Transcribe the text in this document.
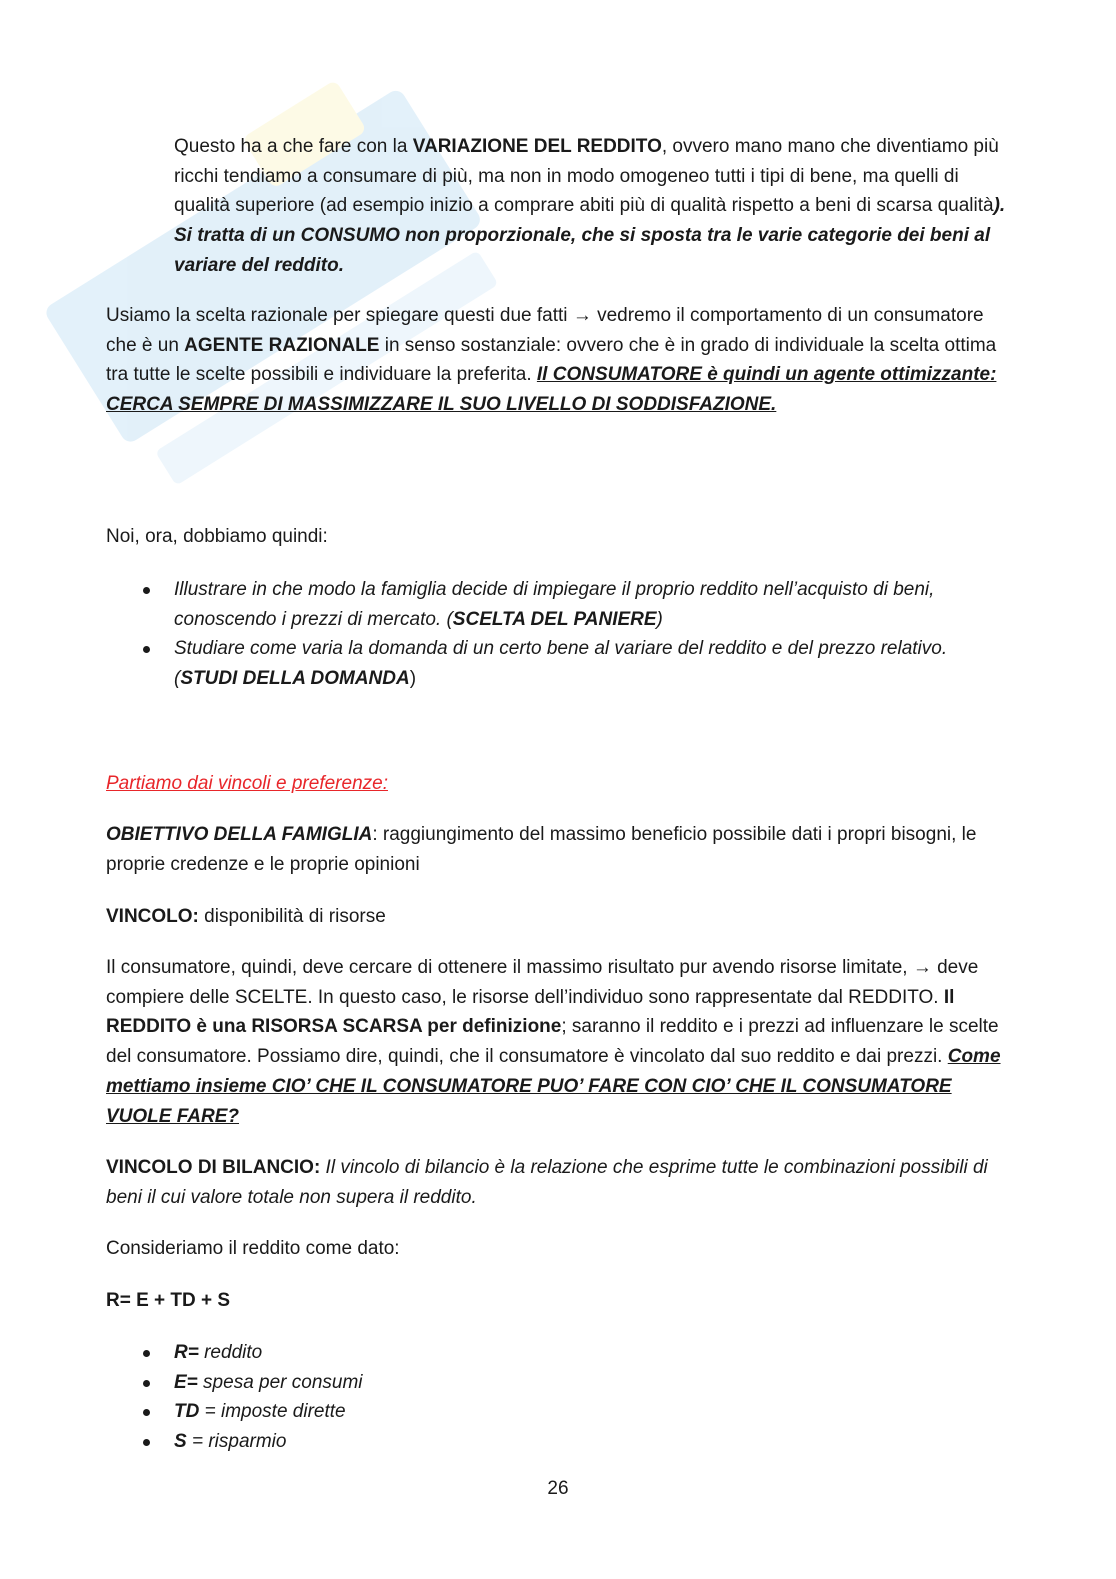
Questo ha a che fare con la VARIAZIONE DEL REDDITO, ovvero mano mano che diventiamo più ricchi tendiamo a consumare di più, ma non in modo omogeneo tutti i tipi di bene, ma quelli di qualità superiore (ad esempio inizio a comprare abiti più di qualità rispetto a beni di scarsa qualità). Si tratta di un CONSUMO non proporzionale, che si sposta tra le varie categorie dei beni al variare del reddito.

Usiamo la scelta razionale per spiegare questi due fatti → vedremo il comportamento di un consumatore che è un AGENTE RAZIONALE in senso sostanziale: ovvero che è in grado di individuale la scelta ottima tra tutte le scelte possibili e individuare la preferita. Il CONSUMATORE è quindi un agente ottimizzante: CERCA SEMPRE DI MASSIMIZZARE IL SUO LIVELLO DI SODDISFAZIONE.

Noi, ora, dobbiamo quindi:

Illustrare in che modo la famiglia decide di impiegare il proprio reddito nell’acquisto di beni, conoscendo i prezzi di mercato. (SCELTA DEL PANIERE)
Studiare come varia la domanda di un certo bene al variare del reddito e del prezzo relativo. (STUDI DELLA DOMANDA)

Partiamo dai vincoli e preferenze:

OBIETTIVO DELLA FAMIGLIA: raggiungimento del massimo beneficio possibile dati i propri bisogni, le proprie credenze e le proprie opinioni

VINCOLO: disponibilità di risorse

Il consumatore, quindi, deve cercare di ottenere il massimo risultato pur avendo risorse limitate, → deve compiere delle SCELTE. In questo caso, le risorse dell’individuo sono rappresentate dal REDDITO. Il REDDITO è una RISORSA SCARSA per definizione; saranno il reddito e i prezzi ad influenzare le scelte del consumatore. Possiamo dire, quindi, che il consumatore è vincolato dal suo reddito e dai prezzi. Come mettiamo insieme CIO’ CHE IL CONSUMATORE PUO’ FARE CON CIO’ CHE IL CONSUMATORE VUOLE FARE?

VINCOLO DI BILANCIO: Il vincolo di bilancio è la relazione che esprime tutte le combinazioni possibili di beni il cui valore totale non supera il reddito.

Consideriamo il reddito come dato:

R= E + TD + S

R= reddito
E= spesa per consumi
TD = imposte dirette
S = risparmio
26
